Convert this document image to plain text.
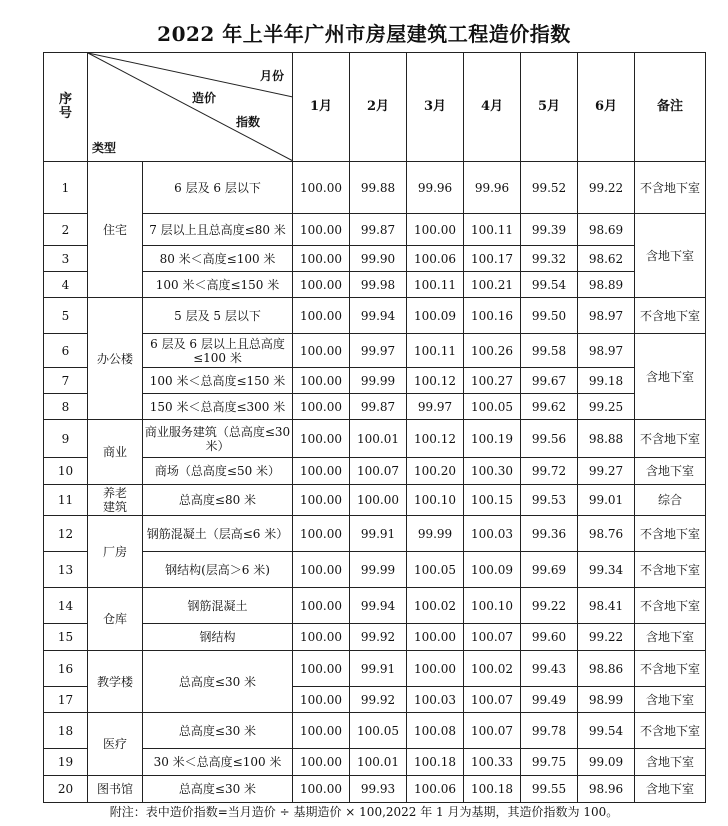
2022 年上半年广州市房屋建筑工程造价指数
序号	月份
造价
指数
类型		1月	2月	3月	4月	5月	6月	备注
1	住宅	6 层及 6 层以下	100.00	99.88	99.96	99.96	99.52	99.22	不含地下室
2		7 层以上且总高度≤80 米	100.00	99.87	100.00	100.11	99.39	98.69	含地下室
3		80 米＜高度≤100 米	100.00	99.90	100.06	100.17	99.32	98.62	
4		100 米＜高度≤150 米	100.00	99.98	100.11	100.21	99.54	98.89	
5	办公楼	5 层及 5 层以下	100.00	99.94	100.09	100.16	99.50	98.97	不含地下室
6		6 层及 6 层以上且总高度≤100 米	100.00	99.97	100.11	100.26	99.58	98.97	含地下室
7		100 米＜总高度≤150 米	100.00	99.99	100.12	100.27	99.67	99.18	
8		150 米＜总高度≤300 米	100.00	99.87	99.97	100.05	99.62	99.25	
9	商业	商业服务建筑（总高度≤30 米）	100.00	100.01	100.12	100.19	99.56	98.88	不含地下室
10		商场（总高度≤50 米）	100.00	100.07	100.20	100.30	99.72	99.27	含地下室
11	养老建筑	总高度≤80 米	100.00	100.00	100.10	100.15	99.53	99.01	综合
12	厂房	钢筋混凝土（层高≤6 米）	100.00	99.91	99.99	100.03	99.36	98.76	不含地下室
13		钢结构(层高＞6 米)	100.00	99.99	100.05	100.09	99.69	99.34	不含地下室
14	仓库	钢筋混凝土	100.00	99.94	100.02	100.10	99.22	98.41	不含地下室
15		钢结构	100.00	99.92	100.00	100.07	99.60	99.22	含地下室
16	教学楼	总高度≤30 米	100.00	99.91	100.00	100.02	99.43	98.86	不含地下室
17			100.00	99.92	100.03	100.07	99.49	98.99	含地下室
18	医疗	总高度≤30 米	100.00	100.05	100.08	100.07	99.78	99.54	不含地下室
19		30 米＜总高度≤100 米	100.00	100.01	100.18	100.33	99.75	99.09	含地下室
20	图书馆	总高度≤30 米	100.00	99.93	100.06	100.18	99.55	98.96	含地下室
附注：表中造价指数=当月造价 ÷ 基期造价 × 100,2022 年 1 月为基期，其造价指数为 100。
